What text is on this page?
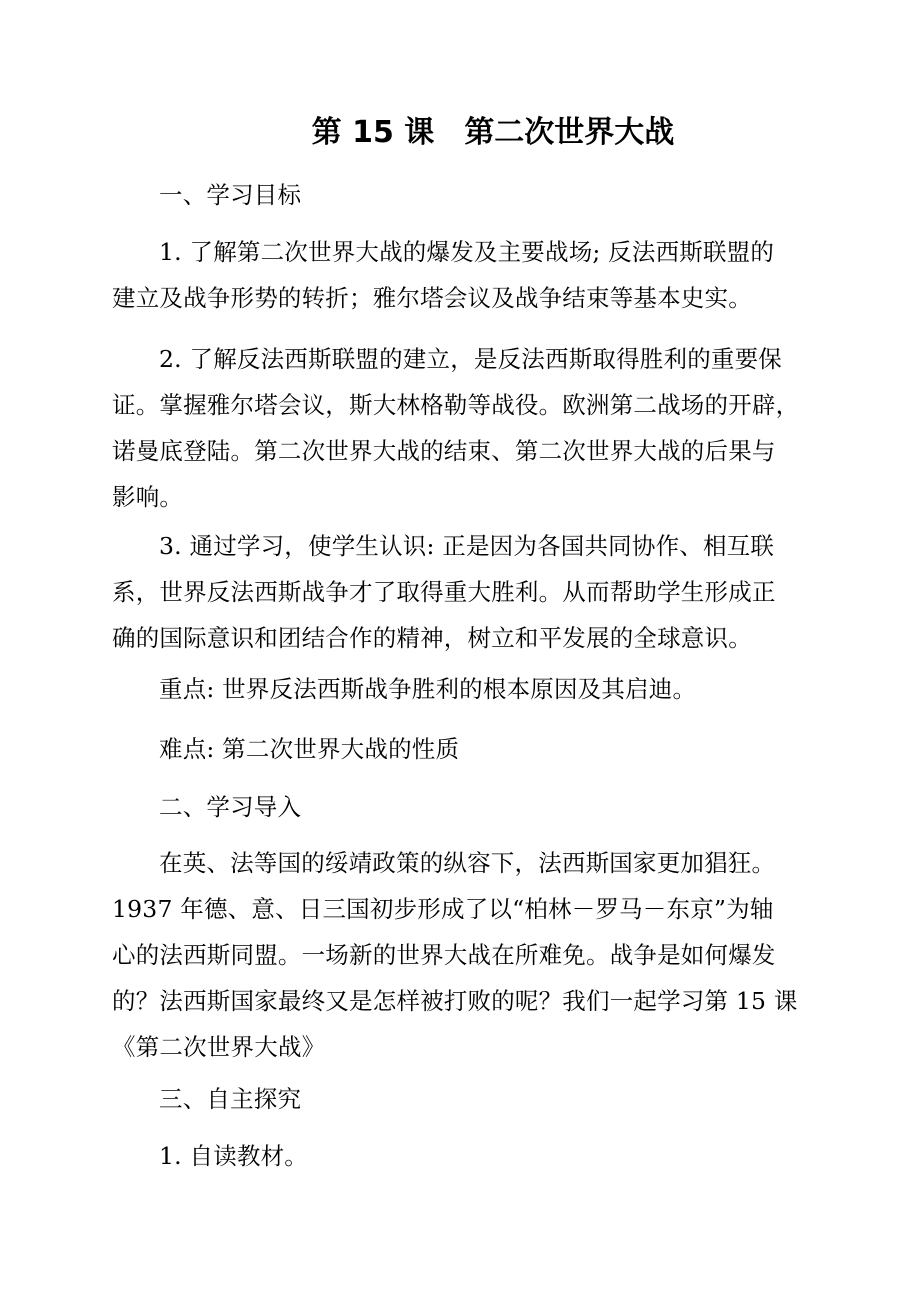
第 15 课 第二次世界大战

一、学习目标

1. 了解第二次世界大战的爆发及主要战场; 反法西斯联盟的
建立及战争形势的转折；雅尔塔会议及战争结束等基本史实。

2. 了解反法西斯联盟的建立，是反法西斯取得胜利的重要保
证。掌握雅尔塔会议，斯大林格勒等战役。欧洲第二战场的开辟，
诺曼底登陆。第二次世界大战的结束、第二次世界大战的后果与
影响。

3. 通过学习，使学生认识: 正是因为各国共同协作、相互联
系，世界反法西斯战争才了取得重大胜利。从而帮助学生形成正
确的国际意识和团结合作的精神，树立和平发展的全球意识。

重点: 世界反法西斯战争胜利的根本原因及其启迪。

难点: 第二次世界大战的性质

二、学习导入

在英、法等国的绥靖政策的纵容下，法西斯国家更加猖狂。
1937 年德、意、日三国初步形成了以“柏林－罗马－东京”为轴
心的法西斯同盟。一场新的世界大战在所难免。战争是如何爆发
的？法西斯国家最终又是怎样被打败的呢？我们一起学习第 15 课
《第二次世界大战》

三、自主探究

1. 自读教材。
